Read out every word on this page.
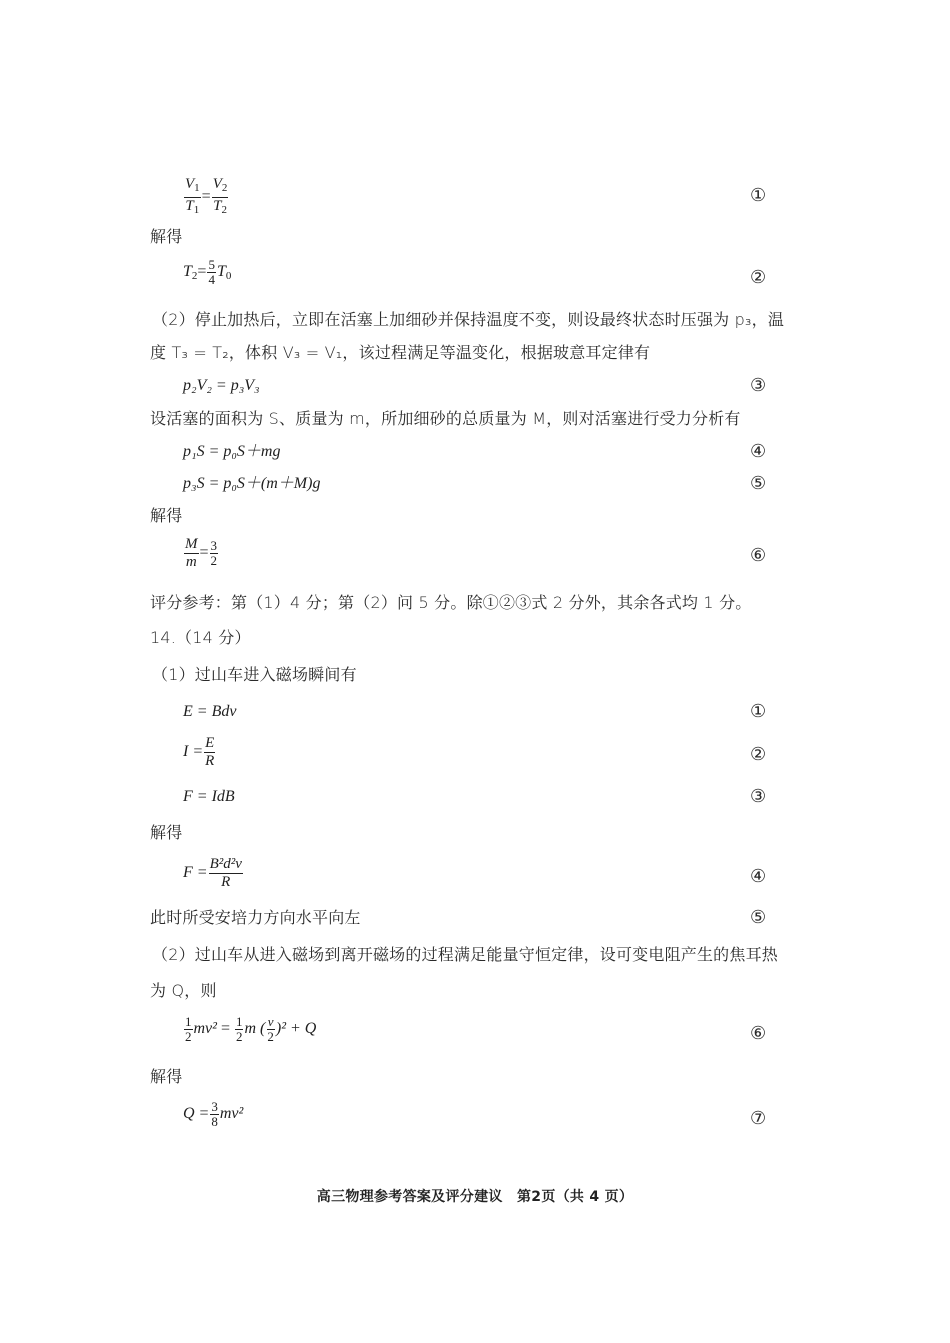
$\frac{V_1}{T_1} = \frac{V_2}{T_2}$	①
解得
$T_2= \frac{5}{4} T_0$	②
（2）停止加热后，立即在活塞上加细砂并保持温度不变，则设最终状态时压强为 p₃，温
度 T₃ = T₂，体积 V₃ = V₁，该过程满足等温变化，根据玻意耳定律有
p₂V₂ = p₃V₃	③
设活塞的面积为 S、质量为 m，所加细砂的总质量为 M，则对活塞进行受力分析有
p₁S = p₀S＋mg	④
p₃S = p₀S＋(m＋M)g	⑤
解得
$\frac{M}{m} = \frac{3}{2}$	⑥
评分参考：第（1）4 分；第（2）问 5 分。除①②③式 2 分外，其余各式均 1 分。
14.（14 分）
（1）过山车进入磁场瞬间有
E = Bdv	①
$I = \frac{E}{R}$	②
F = IdB	③
解得
$F = \frac{\text{B²d²v}}{R}$	④
此时所受安培力方向水平向左	⑤
（2）过山车从进入磁场到离开磁场的过程满足能量守恒定律，设可变电阻产生的焦耳热
为 Q，则
$\frac{1}{2} mv^2 = \frac{1}{2}$ m ( $\frac{v}{2} )^2 + Q$	⑥
解得
$Q = \frac{3}{8} mv^2$	⑦
高三物理参考答案及评分建议　第2页（共 4 页）
